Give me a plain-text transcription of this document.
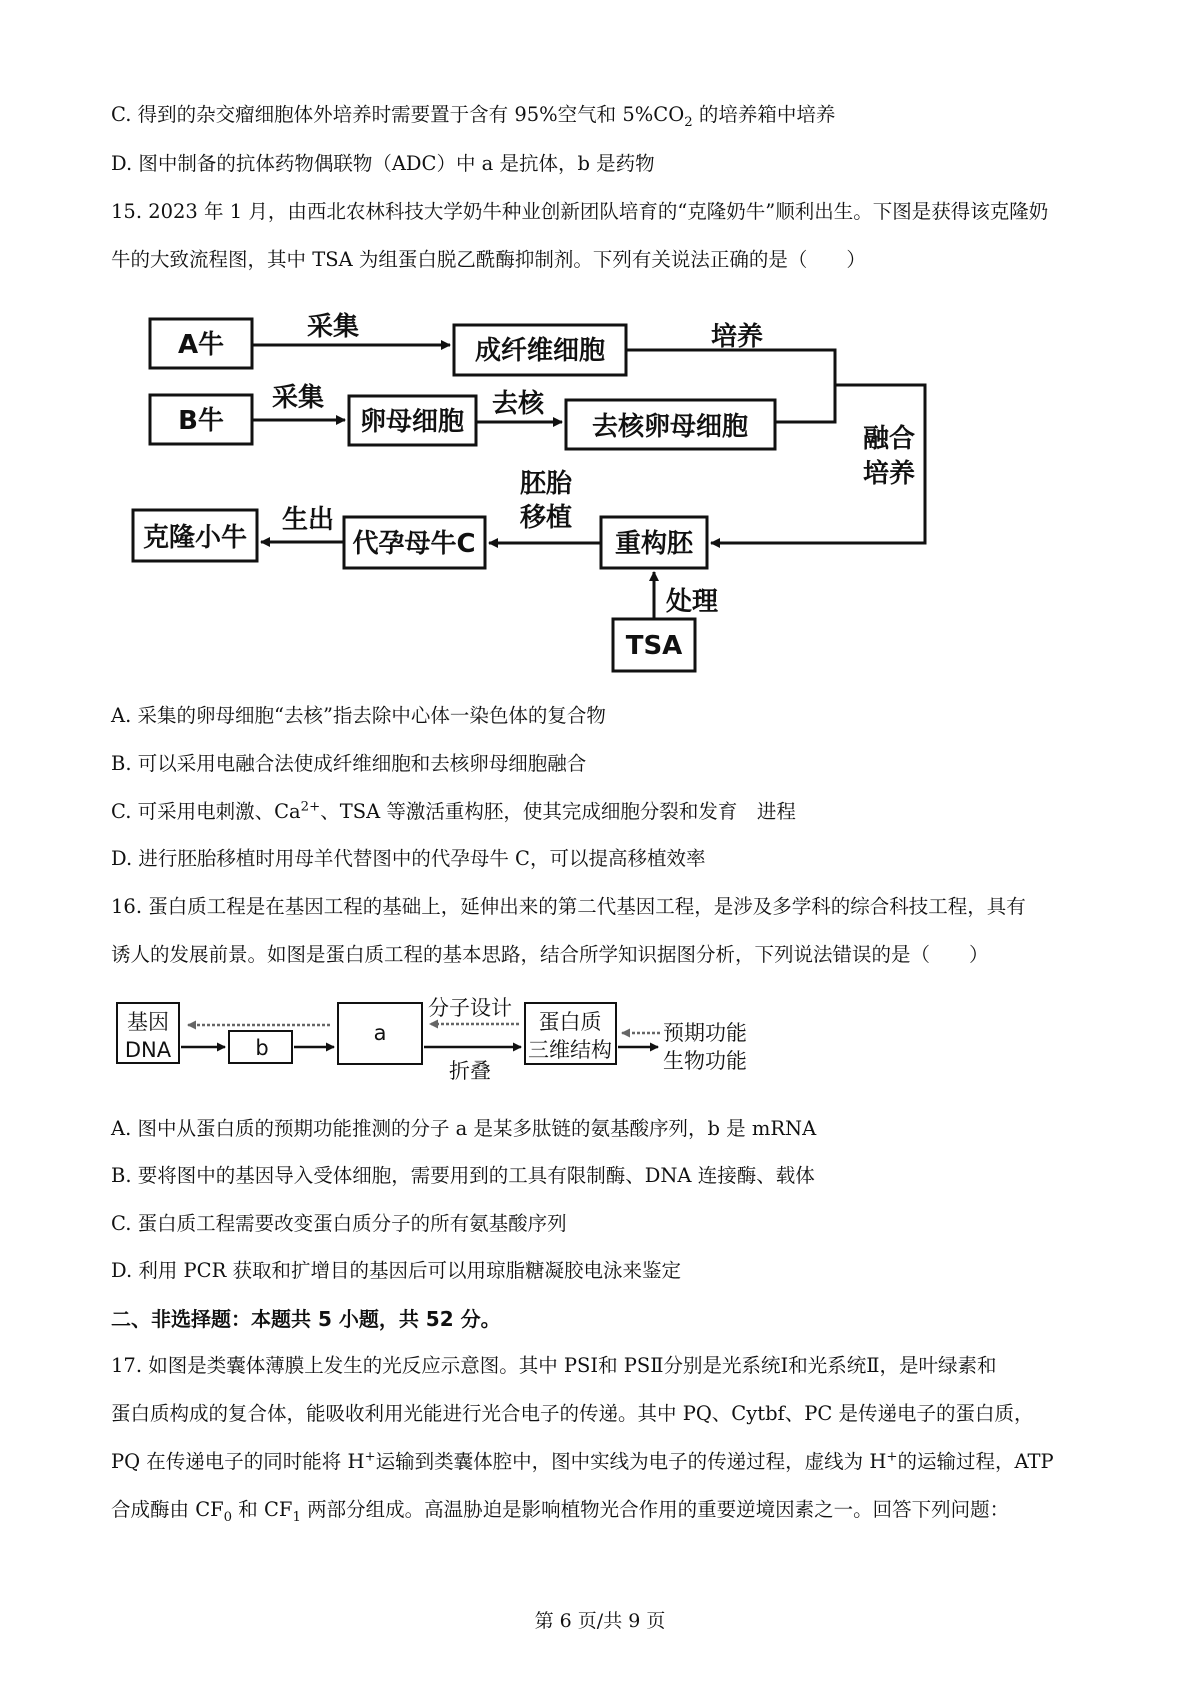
C. 得到的杂交瘤细胞体外培养时需要置于含有 95%空气和 $5\%CO_2$ 的培养箱中培养
D. 图中制备的抗体药物偶联物（ADC）中 a 是抗体，b 是药物
15. 2023 年 1 月，由西北农林科技大学奶牛种业创新团队培育的“克隆奶牛”顺利出生。下图是获得该克隆奶
牛的大致流程图，其中 TSA 为组蛋白脱乙酰酶抑制剂。下列有关说法正确的是（　　）
A牛
B牛
采集
采集
成纤维细胞	培养
卵母细胞
去核
去核卵母细胞	融合
培养
胚胎
移植
重构胚
代孕母牛C
生出
克隆小牛
处理
TSA
A. 采集的卵母细胞“去核”指去除中心体一染色体的复合物
B. 可以采用电融合法使成纤维细胞和去核卵母细胞融合
C. 可采用电刺激、$Ca^{2+}$、TSA 等激活重构胚，使其完成细胞分裂和发育　进程
D. 进行胚胎移植时用母羊代替图中的代孕母牛 C，可以提高移植效率
16. 蛋白质工程是在基因工程的基础上，延伸出来的第二代基因工程，是涉及多学科的综合科技工程，具有
诱人的发展前景。如图是蛋白质工程的基本思路，结合所学知识据图分析，下列说法错误的是（　　）
基因
DNA	b
a
分子设计
折叠
蛋白质
三维结构
预期功能
生物功能
A. 图中从蛋白质的预期功能推测的分子 a 是某多肽链的氨基酸序列，b 是 mRNA
B. 要将图中的基因导入受体细胞，需要用到的工具有限制酶、DNA 连接酶、载体
C. 蛋白质工程需要改变蛋白质分子的所有氨基酸序列
D. 利用 PCR 获取和扩增目的基因后可以用琼脂糖凝胶电泳来鉴定
二、非选择题：本题共 5 小题，共 52 分。
17. 如图是类囊体薄膜上发生的光反应示意图。其中 PSⅠ和 PSⅡ分别是光系统Ⅰ和光系统Ⅱ，是叶绿素和
蛋白质构成的复合体，能吸收利用光能进行光合电子的传递。其中 PQ、Cytbf、PC 是传递电子的蛋白质，
PQ 在传递电子的同时能将 H+运输到类囊体腔中，图中实线为电子的传递过程，虚线为 H+的运输过程，ATP
合成酶由 $CF_0$ 和 $CF_1$ 两部分组成。高温胁迫是影响植物光合作用的重要逆境因素之一。回答下列问题：
第 6 页/共 9 页
